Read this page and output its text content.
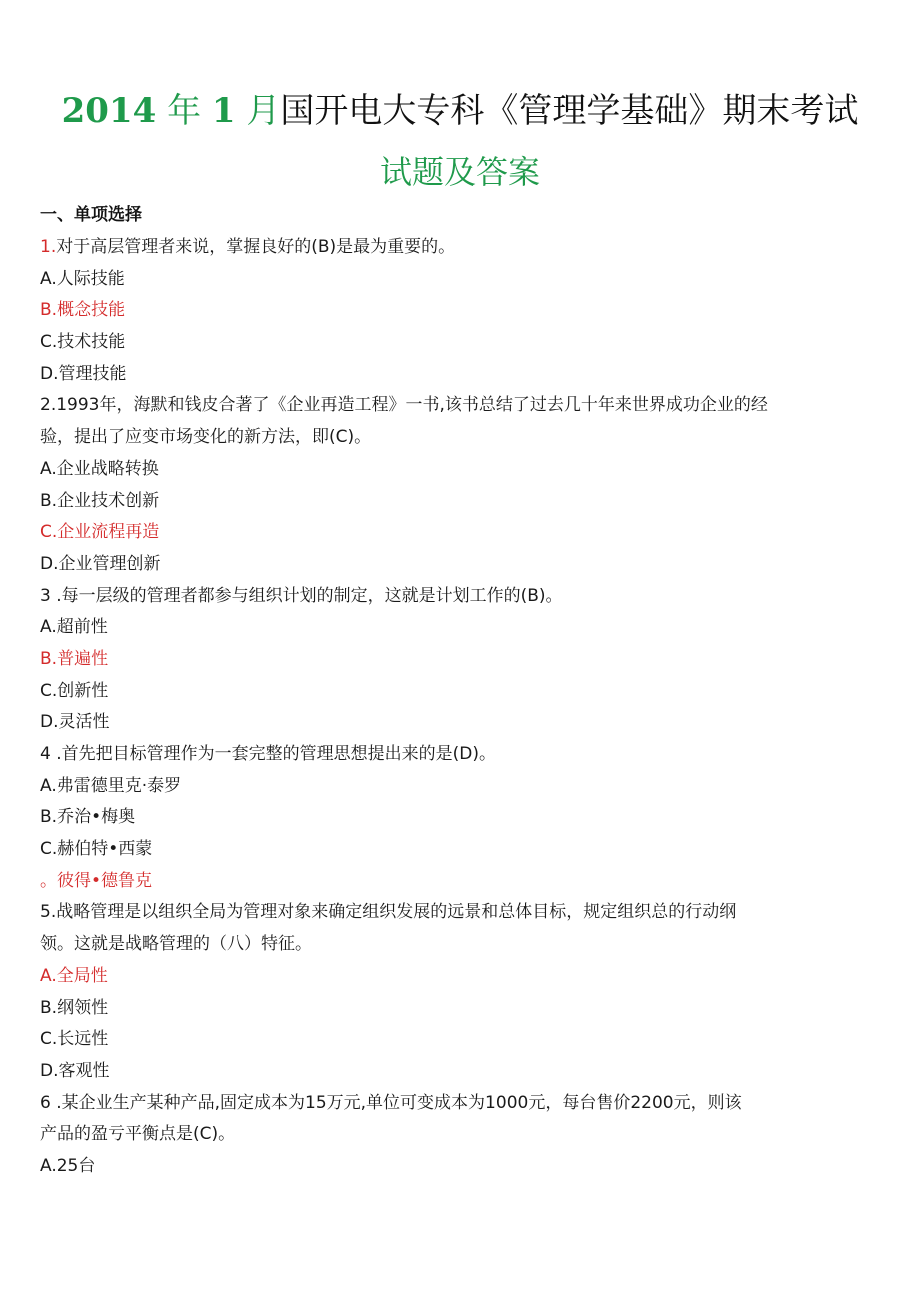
2014 年 1 月国开电大专科《管理学基础》期末考试
试题及答案
一、单项选择
1.对于高层管理者来说，掌握良好的(B)是最为重要的。
A.人际技能
B.概念技能
C.技术技能
D.管理技能
2.1993年，海默和钱皮合著了《企业再造工程》一书,该书总结了过去几十年来世界成功企业的经
验，提出了应变市场变化的新方法，即(C)。
A.企业战略转换
B.企业技术创新
C.企业流程再造
D.企业管理创新
3 .每一层级的管理者都参与组织计划的制定，这就是计划工作的(B)。
A.超前性
B.普遍性
C.创新性
D.灵活性
4 .首先把目标管理作为一套完整的管理思想提出来的是(D)。
A.弗雷德里克·泰罗
B.乔治•梅奥
C.赫伯特•西蒙
。彼得•德鲁克
5.战略管理是以组织全局为管理对象来确定组织发展的远景和总体目标，规定组织总的行动纲
领。这就是战略管理的（八）特征。
A.全局性
B.纲领性
C.长远性
D.客观性
6 .某企业生产某种产品,固定成本为15万元,单位可变成本为1000元，每台售价2200元，则该
产品的盈亏平衡点是(C)。
A.25台
